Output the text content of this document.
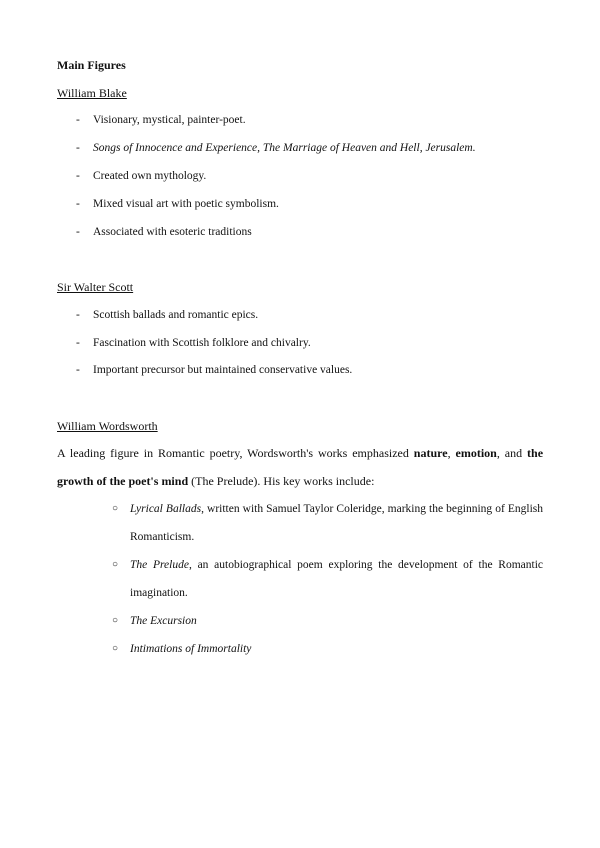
Main Figures
William Blake
- Visionary, mystical, painter-poet.
- Songs of Innocence and Experience, The Marriage of Heaven and Hell, Jerusalem.
- Created own mythology.
- Mixed visual art with poetic symbolism.
- Associated with esoteric traditions
Sir Walter Scott
- Scottish ballads and romantic epics.
- Fascination with Scottish folklore and chivalry.
- Important precursor but maintained conservative values.
William Wordsworth
A leading figure in Romantic poetry, Wordsworth's works emphasized nature, emotion, and the growth of the poet's mind (The Prelude). His key works include:
○ Lyrical Ballads, written with Samuel Taylor Coleridge, marking the beginning of English Romanticism.
○ The Prelude, an autobiographical poem exploring the development of the Romantic imagination.
○ The Excursion
○ Intimations of Immortality
